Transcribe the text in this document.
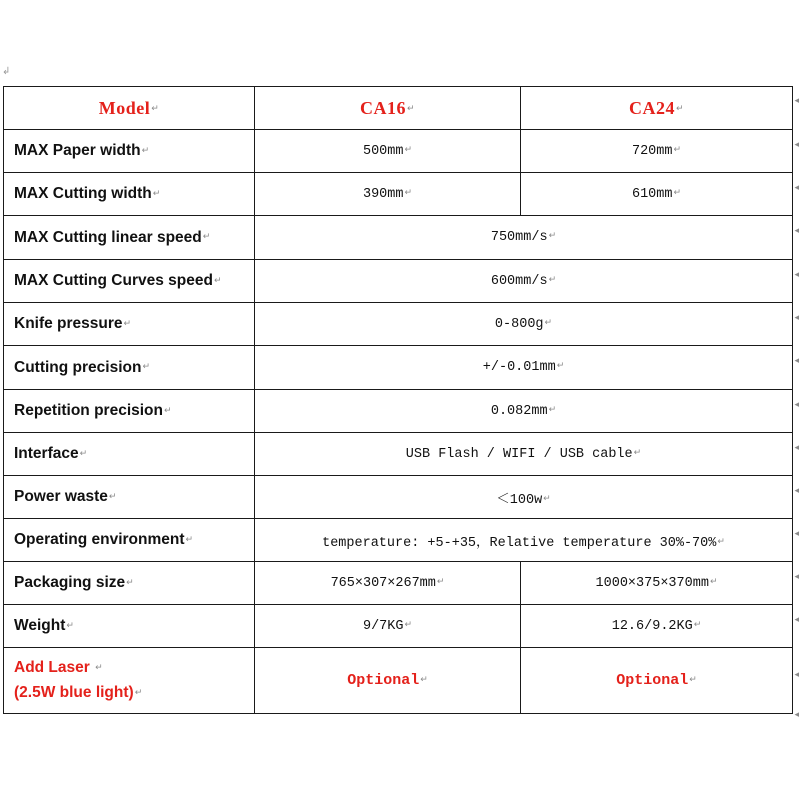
↲
Model↵	CA16↵	CA24↵
MAX Paper width↵	500mm↵	720mm↵
MAX Cutting width↵	390mm↵	610mm↵
MAX Cutting linear speed↵	750mm/s↵	
MAX Cutting Curves speed↵	600mm/s↵	
Knife pressure↵	0-800g↵	
Cutting precision↵	+/-0.01mm↵	
Repetition precision↵	0.082mm↵	
Interface↵	USB Flash / WIFI / USB cable↵	
Power waste↵	＜100w↵	
Operating environment↵	temperature: +5-+35，Relative temperature 30%-70%↵	
Packaging size↵	765×307×267mm↵	1000×375×370mm↵
Weight↵	9/7KG↵	12.6/9.2KG↵

Add Laser ↵
(2.5W blue light)↵	Optional↵	Optional↵
◂
◂
◂
◂
◂
◂
◂
◂
◂
◂
◂
◂
◂
◂
◂
